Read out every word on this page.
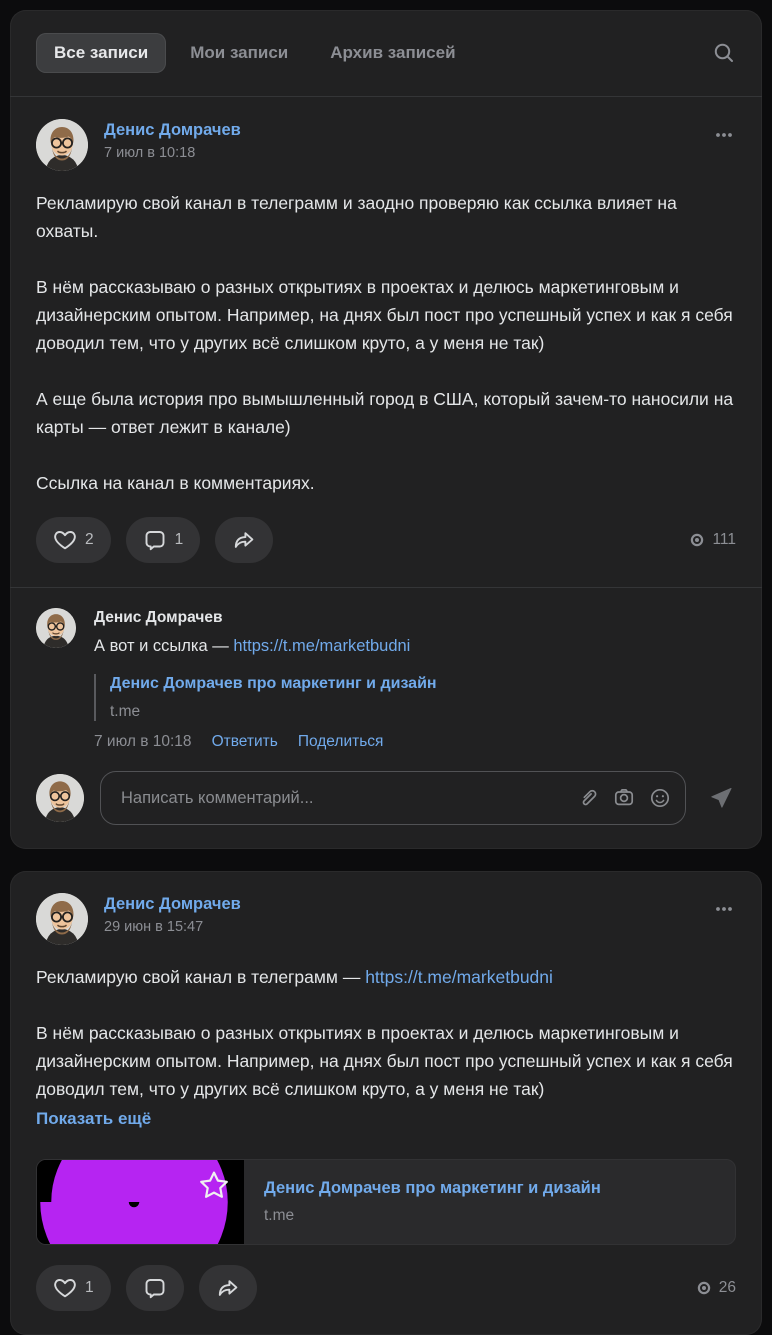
Все записи	Мои записи	Архив записей
Денис Домрачев
7 июл в 10:18

Рекламирую свой канал в телеграмм и заодно проверяю как ссылка влияет на охваты.

В нём рассказываю о разных открытиях в проектах и делюсь маркетинговым и дизайнерским опытом. Например, на днях был пост про успешный успех и как я себя доводил тем, что у других всё слишком круто, а у меня не так)

А еще была история про вымышленный город в США, который зачем-то наносили на карты — ответ лежит в канале)

Ссылка на канал в комментариях.

2	1	111
Денис Домрачев
А вот и ссылка — https://t.me/marketbudni
Денис Домрачев про маркетинг и дизайн
t.me
7 июл в 10:18 Ответить Поделиться
Написать комментарий...
Денис Домрачев
29 июн в 15:47

Рекламирую свой канал в телеграмм — https://t.me/marketbudni

В нём рассказываю о разных открытиях в проектах и делюсь маркетинговым и дизайнерским опытом. Например, на днях был пост про успешный успех и как я себя доводил тем, что у других всё слишком круто, а у меня не так)

Показать ещё
Денис Домрачев про маркетинг и дизайн
t.me
1	26
